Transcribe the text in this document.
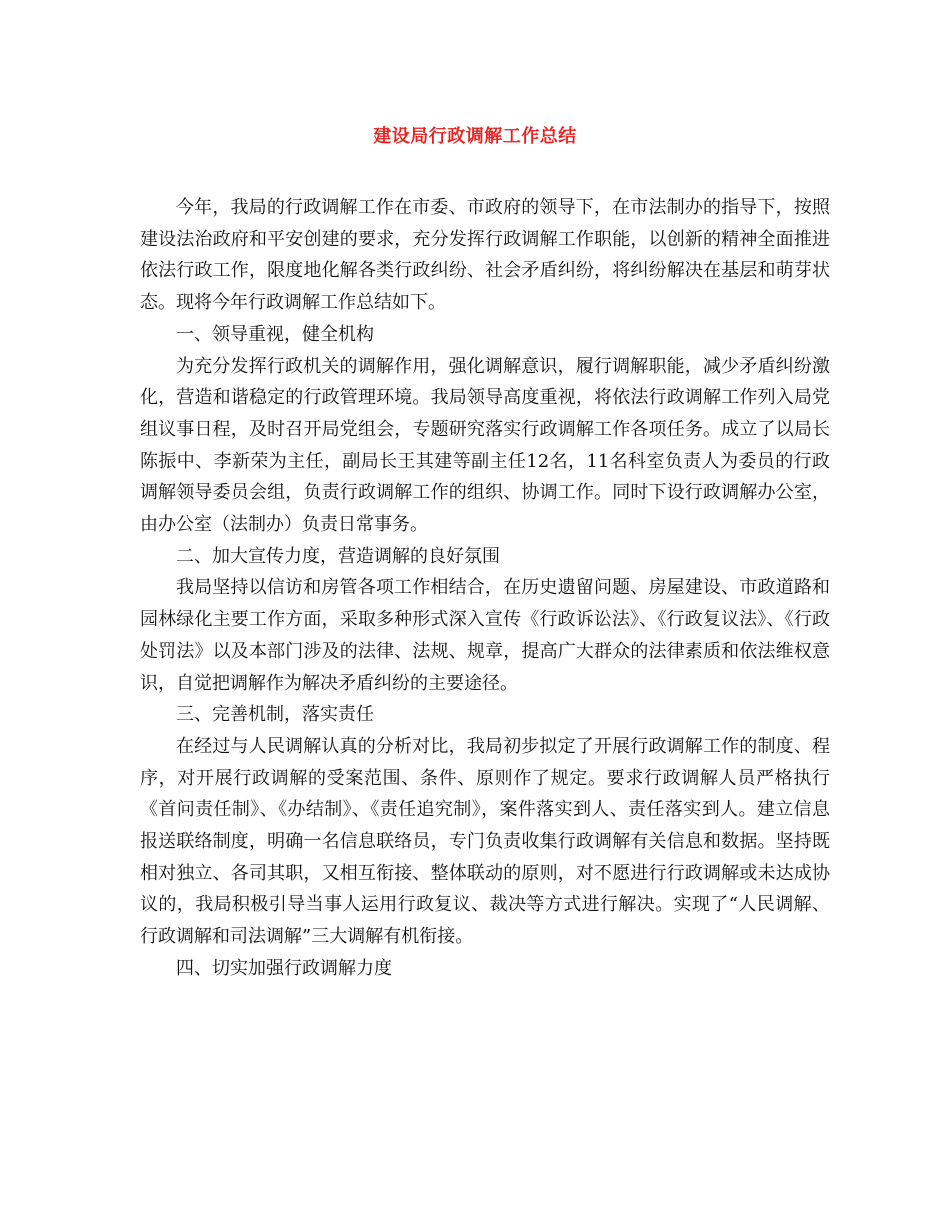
建设局行政调解工作总结

今年，我局的行政调解工作在市委、市政府的领导下，在市法制办的指导下，按照建设法治政府和平安创建的要求，充分发挥行政调解工作职能，以创新的精神全面推进依法行政工作，限度地化解各类行政纠纷、社会矛盾纠纷，将纠纷解决在基层和萌芽状态。现将今年行政调解工作总结如下。

一、领导重视，健全机构

为充分发挥行政机关的调解作用，强化调解意识，履行调解职能，减少矛盾纠纷激化，营造和谐稳定的行政管理环境。我局领导高度重视，将依法行政调解工作列入局党组议事日程，及时召开局党组会，专题研究落实行政调解工作各项任务。成立了以局长陈振中、李新荣为主任，副局长王其建等副主任12名，11名科室负责人为委员的行政调解领导委员会组，负责行政调解工作的组织、协调工作。同时下设行政调解办公室，由办公室（法制办）负责日常事务。

二、加大宣传力度，营造调解的良好氛围

我局坚持以信访和房管各项工作相结合，在历史遗留问题、房屋建设、市政道路和园林绿化主要工作方面，采取多种形式深入宣传《行政诉讼法》、《行政复议法》、《行政处罚法》以及本部门涉及的法律、法规、规章，提高广大群众的法律素质和依法维权意识，自觉把调解作为解决矛盾纠纷的主要途径。

三、完善机制，落实责任

在经过与人民调解认真的分析对比，我局初步拟定了开展行政调解工作的制度、程序，对开展行政调解的受案范围、条件、原则作了规定。要求行政调解人员严格执行《首问责任制》、《办结制》、《责任追究制》，案件落实到人、责任落实到人。建立信息报送联络制度，明确一名信息联络员，专门负责收集行政调解有关信息和数据。坚持既相对独立、各司其职，又相互衔接、整体联动的原则，对不愿进行行政调解或未达成协议的，我局积极引导当事人运用行政复议、裁决等方式进行解决。实现了“人民调解、行政调解和司法调解”三大调解有机衔接。

四、切实加强行政调解力度
